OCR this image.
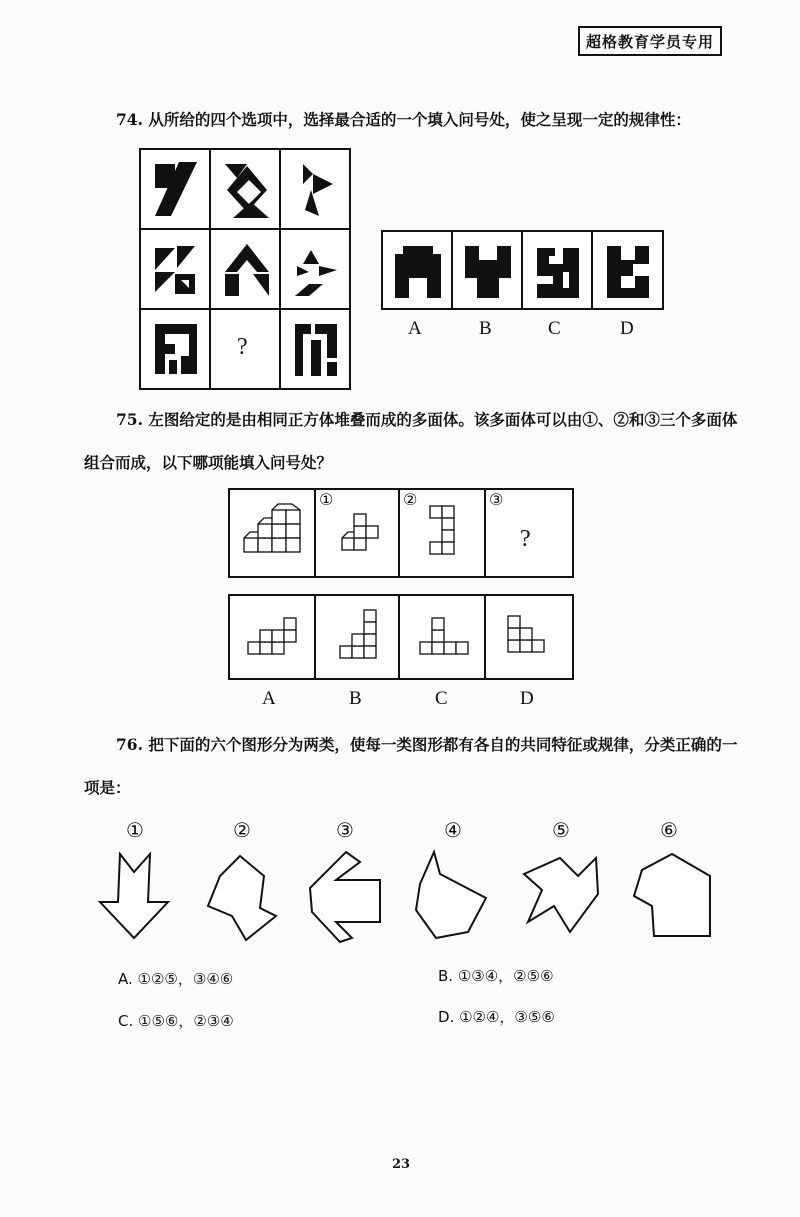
超格教育学员专用
74. 从所给的四个选项中，选择最合适的一个填入问号处，使之呈现一定的规律性：
?
A	B	C	D
75. 左图给定的是由相同正方体堆叠而成的多面体。该多面体可以由①、②和③三个多面体
组合而成，以下哪项能填入问号处？
①	②	③
?
A	B	C	D
76. 把下面的六个图形分为两类，使每一类图形都有各自的共同特征或规律，分类正确的一
项是：
①	②	③	④	⑤	⑥
A. ①②⑤，③④⑥	B. ①③④，②⑤⑥
C. ①⑤⑥，②③④	D. ①②④，③⑤⑥
23
